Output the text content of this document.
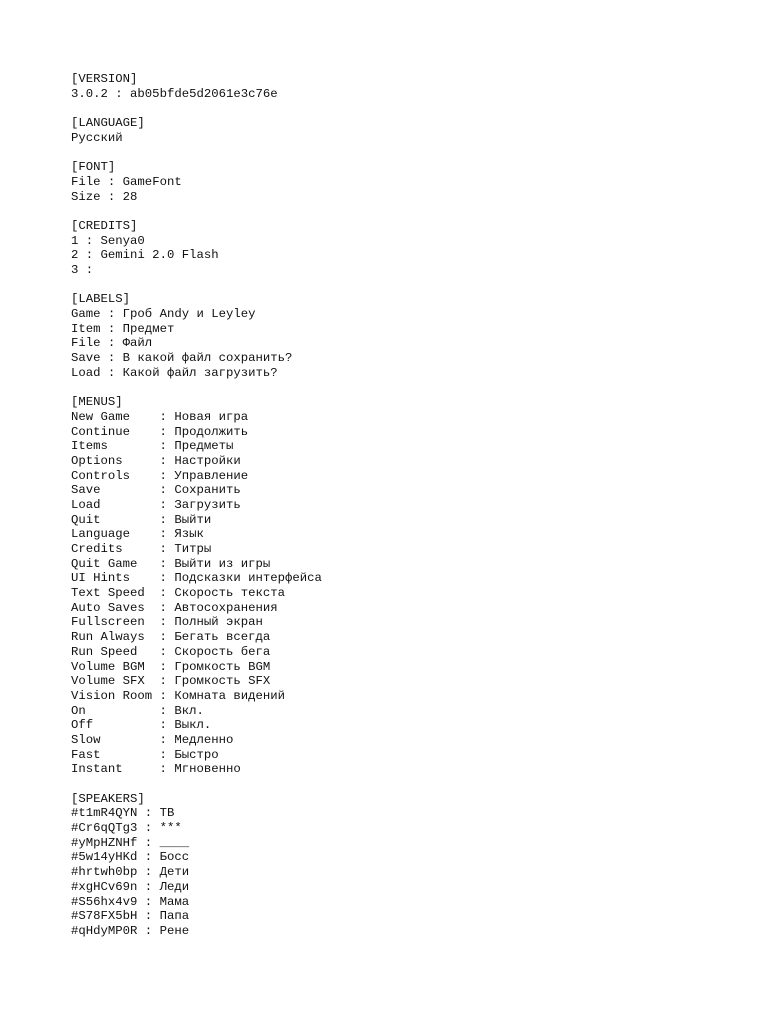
[VERSION]
3.0.2 : ab05bfde5d2061e3c76e
[LANGUAGE]
Русский
[FONT]
File : GameFont
Size : 28
[CREDITS]
1 : Senya0
2 : Gemini 2.0 Flash
3 :
[LABELS]
Game : Гроб Andy и Leyley
Item : Предмет
File : Файл
Save : В какой файл сохранить?
Load : Какой файл загрузить?
[MENUS]
New Game : Новая игра
Continue : Продолжить
Items	: Предметы
Options : Настройки
Controls : Управление
Save	: Сохранить
Load	: Загрузить
Quit	: Выйти
Language : Язык
Credits : Титры
Quit Game : Выйти из игры
UI Hints : Подсказки интерфейса
Text Speed : Скорость текста
Auto Saves : Автосохранения
Fullscreen : Полный экран
Run Always : Бегать всегда
Run Speed : Скорость бега
Volume BGM : Громкость BGM
Volume SFX : Громкость SFX
Vision Room : Комната видений
On	: Вкл.
Off	: Выкл.
Slow	: Медленно
Fast	: Быстро
Instant : Мгновенно
[SPEAKERS]
#t1mR4QYN : ТВ
#Cr6qQTg3 : ***
#yMpHZNHf : ____
#5w14yHKd : Босс
#hrtwh0bp : Дети
#xgHCv69n : Леди
#S56hx4v9 : Мама
#S78FX5bH : Папа
#qHdyMP0R : Рене
